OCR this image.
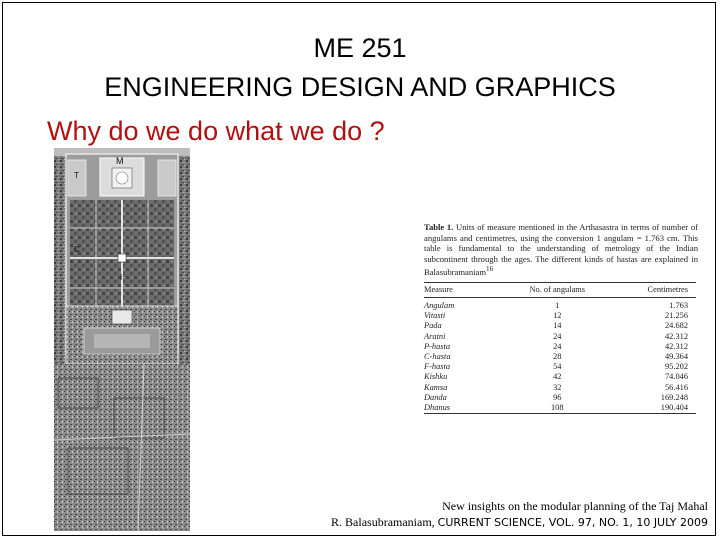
ME 251
ENGINEERING DESIGN AND GRAPHICS
Why do we do what we do ?
M
T
C
I

Table 1. Units of measure mentioned in the Arthasastra in terms of number of angulams and centimetres, using the conversion 1 angulam = 1.763 cm. This table is fundamental to the understanding of metrology of the Indian subcontinent through the ages. The different kinds of hastas are explained in Balasubramaniam$^{16}$

Measure	No. of angulams	Centimetres
Angulam	1	1.763
Vitasti	12	21.256
Pada	14	24.682
Aratni	24	42.312
P-hasta	24	42.312
C-hasta	28	49.364
F-hasta	54	95.202
Kishku	42	74.046
Kamsa	32	56.416
Danda	96	169.248
Dhanus	108	190.404
New insights on the modular planning of the Taj Mahal
R. Balasubramaniam, CURRENT SCIENCE, VOL. 97, NO. 1, 10 JULY 2009
